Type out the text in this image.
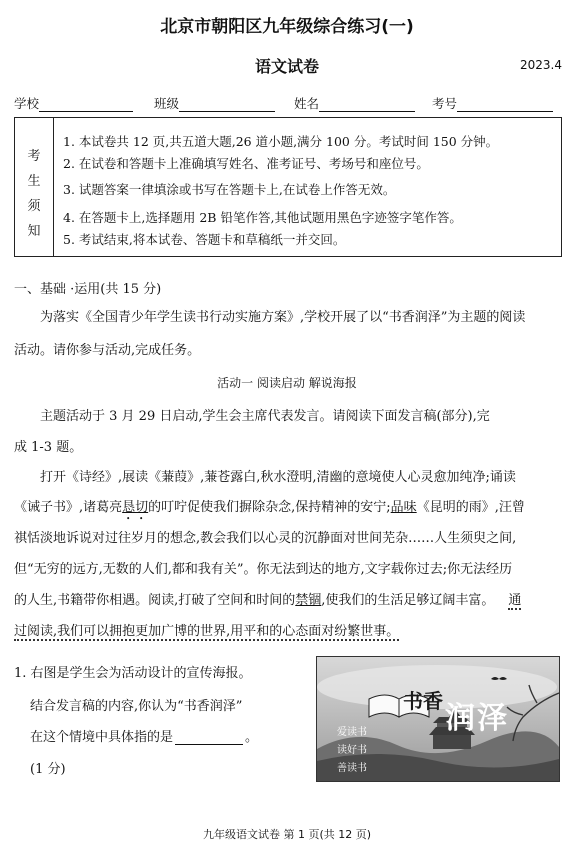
北京市朝阳区九年级综合练习(一)
语文试卷	2023.4
学校	班级	姓名	考号
考
生
须
知
1. 本试卷共 12 页,共五道大题,26 道小题,满分 100 分。考试时间 150 分钟。
2. 在试卷和答题卡上准确填写姓名、准考证号、考场号和座位号。
3. 试题答案一律填涂或书写在答题卡上,在试卷上作答无效。
4. 在答题卡上,选择题用 2B 铅笔作答,其他试题用黑色字迹签字笔作答。
5. 考试结束,将本试卷、答题卡和草稿纸一并交回。
一、基础 ·运用(共 15 分)
为落实《全国青少年学生读书行动实施方案》,学校开展了以“书香润泽”为主题的阅读
活动。请你参与活动,完成任务。
活动一 阅读启动 解说海报
主题活动于 3 月 29 日启动,学生会主席代表发言。请阅读下面发言稿(部分),完
成 1-3 题。
打开《诗经》,展读《蒹葭》,蒹苍露白,秋水澄明,清幽的意境使人心灵愈加纯净;诵读
《诫子书》,诸葛亮恳切的叮咛促使我们摒除杂念,保持精神的安宁;品味《昆明的雨》,汪曾
祺恬淡地诉说对过往岁月的想念,教会我们以心灵的沉静面对世间芜杂……人生须臾之间,
但“无穷的远方,无数的人们,都和我有关”。你无法到达的地方,文字载你过去;你无法经历
的人生,书籍带你相遇。阅读,打破了空间和时间的禁锢,使我们的生活足够辽阔丰富。 通
过阅读,我们可以拥抱更加广博的世界,用平和的心态面对纷繁世事。
1. 右图是学生会为活动设计的宣传海报。
结合发言稿的内容,你认为“书香润泽”
在这个情境中具体指的是	。
(1 分)
书香 润泽
爱读书
读好书
善读书
九年级语文试卷 第 1 页(共 12 页)
